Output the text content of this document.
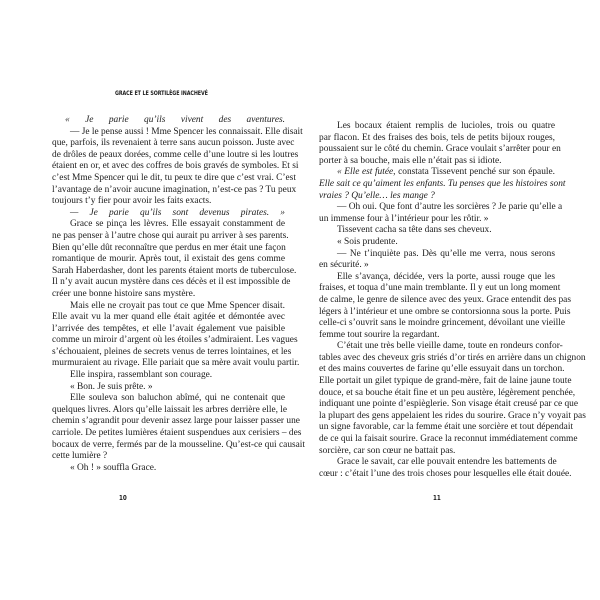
GRACE ET LE SORTILÈGE INACHEVÉ
« Je parie qu’ils vivent des aventures.
— Je le pense aussi ! Mme Spencer les connaissait. Elle disait
que, parfois, ils revenaient à terre sans aucun poisson. Juste avec
de drôles de peaux dorées, comme celle d’une loutre si les loutres
étaient en or, et avec des coffres de bois gravés de symboles. Et si
c’est Mme Spencer qui le dit, tu peux te dire que c’est vrai. C’est
l’avantage de n’avoir aucune imagination, n’est-ce pas ? Tu peux
toujours t’y fier pour avoir les faits exacts.
— Je parie qu’ils sont devenus pirates. »
Grace se pinça les lèvres. Elle essayait constamment de
ne pas penser à l’autre chose qui aurait pu arriver à ses parents.
Bien qu’elle dût reconnaître que perdus en mer était une façon
romantique de mourir. Après tout, il existait des gens comme
Sarah Haberdasher, dont les parents étaient morts de tuberculose.
Il n’y avait aucun mystère dans ces décès et il est impossible de
créer une bonne histoire sans mystère.
Mais elle ne croyait pas tout ce que Mme Spencer disait.
Elle avait vu la mer quand elle était agitée et démontée avec
l’arrivée des tempêtes, et elle l’avait également vue paisible
comme un miroir d’argent où les étoiles s’admiraient. Les vagues
s’échouaient, pleines de secrets venus de terres lointaines, et les
murmuraient au rivage. Elle pariait que sa mère avait voulu partir.
Elle inspira, rassemblant son courage.
« Bon. Je suis prête. »
Elle souleva son baluchon abîmé, qui ne contenait que
quelques livres. Alors qu’elle laissait les arbres derrière elle, le
chemin s’agrandit pour devenir assez large pour laisser passer une
carriole. De petites lumières étaient suspendues aux cerisiers – des
bocaux de verre, fermés par de la mousseline. Qu’est-ce qui causait
cette lumière ?
« Oh ! » souffla Grace.
10
Les bocaux étaient remplis de lucioles, trois ou quatre
par flacon. Et des fraises des bois, tels de petits bijoux rouges,
poussaient sur le côté du chemin. Grace voulait s’arrêter pour en
porter à sa bouche, mais elle n’était pas si idiote.
« Elle est futée, constata Tissevent penché sur son épaule.
Elle sait ce qu’aiment les enfants. Tu penses que les histoires sont
vraies ? Qu’elle… les mange ?
— Oh oui. Que font d’autre les sorcières ? Je parie qu’elle a
un immense four à l’intérieur pour les rôtir. »
Tissevent cacha sa tête dans ses cheveux.
« Sois prudente.
— Ne t’inquiète pas. Dès qu’elle me verra, nous serons
en sécurité. »
Elle s’avança, décidée, vers la porte, aussi rouge que les
fraises, et toqua d’une main tremblante. Il y eut un long moment
de calme, le genre de silence avec des yeux. Grace entendit des pas
légers à l’intérieur et une ombre se contorsionna sous la porte. Puis
celle-ci s’ouvrit sans le moindre grincement, dévoilant une vieille
femme tout sourire la regardant.
C’était une très belle vieille dame, toute en rondeurs confor-
tables avec des cheveux gris striés d’or tirés en arrière dans un chignon
et des mains couvertes de farine qu’elle essuyait dans un torchon.
Elle portait un gilet typique de grand-mère, fait de laine jaune toute
douce, et sa bouche était fine et un peu austère, légèrement penchée,
indiquant une pointe d’espièglerie. Son visage était creusé par ce que
la plupart des gens appelaient les rides du sourire. Grace n’y voyait pas
un signe favorable, car la femme était une sorcière et tout dépendait
de ce qui la faisait sourire. Grace la reconnut immédiatement comme
sorcière, car son cœur ne battait pas.
Grace le savait, car elle pouvait entendre les battements de
cœur : c’était l’une des trois choses pour lesquelles elle était douée.
11
